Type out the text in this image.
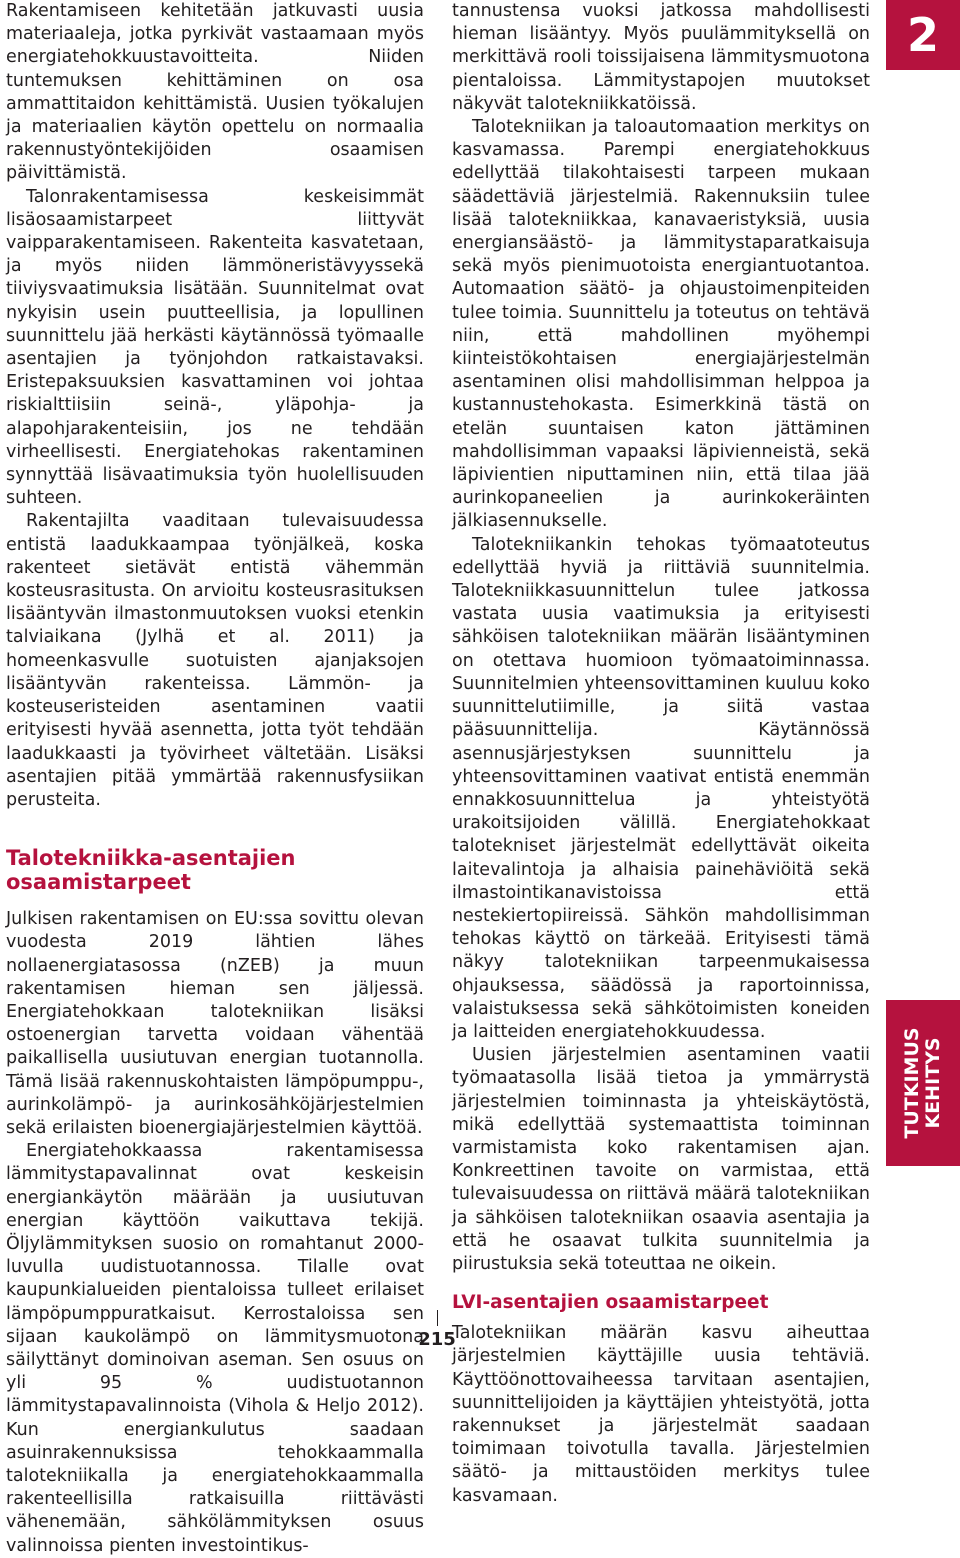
Rakentamiseen kehitetään jatkuvasti uusia materiaaleja, jotka pyrkivät vastaamaan myös energiatehokkuustavoitteita. Niiden tuntemuksen kehittäminen on osa ammattitaidon kehittämistä. Uusien työkalujen ja materiaalien käytön opettelu on normaalia rakennustyöntekijöiden osaamisen päivittämistä.

Talonrakentamisessa keskeisimmät lisäosaamistarpeet liittyvät vaipparakentamiseen. Rakenteita kasvatetaan, ja myös niiden lämmöneristävyyssekä tiiviysvaatimuksia lisätään. Suunnitelmat ovat nykyisin usein puutteellisia, ja lopullinen suunnittelu jää herkästi käytännössä työmaalle asentajien ja työnjohdon ratkaistavaksi. Eristepaksuuksien kasvattaminen voi johtaa riskialttiisiin seinä-, yläpohja- ja alapohjarakenteisiin, jos ne tehdään virheellisesti. Energiatehokas rakentaminen synnyttää lisävaatimuksia työn huolellisuuden suhteen.

Rakentajilta vaaditaan tulevaisuudessa entistä laadukkaampaa työnjälkeä, koska rakenteet sietävät entistä vähemmän kosteusrasitusta. On arvioitu kosteusrasituksen lisääntyvän ilmastonmuutoksen vuoksi etenkin talviaikana (Jylhä et al. 2011) ja homeenkasvulle suotuisten ajanjaksojen lisääntyvän rakenteissa. Lämmön- ja kosteuseristeiden asentaminen vaatii erityisesti hyvää asennetta, jotta työt tehdään laadukkaasti ja työvirheet vältetään. Lisäksi asentajien pitää ymmärtää rakennusfysiikan perusteita.

Talotekniikka-asentajien osaamistarpeet

Julkisen rakentamisen on EU:ssa sovittu olevan vuodesta 2019 lähtien lähes nollaenergiatasossa (nZEB) ja muun rakentamisen hieman sen jäljessä. Energiatehokkaan talotekniikan lisäksi ostoenergian tarvetta voidaan vähentää paikallisella uusiutuvan energian tuotannolla. Tämä lisää rakennuskohtaisten lämpöpumppu-, aurinkolämpö- ja aurinkosähköjärjestelmien sekä erilaisten bioenergiajärjestelmien käyttöä.

Energiatehokkaassa rakentamisessa lämmitystapavalinnat ovat keskeisin energiankäytön määrään ja uusiutuvan energian käyttöön vaikuttava tekijä. Öljylämmityksen suosio on romahtanut 2000-luvulla uudistuotannossa. Tilalle ovat kaupunkialueiden pientaloissa tulleet erilaiset lämpöpumppuratkaisut. Kerrostaloissa sen sijaan kaukolämpö on lämmitysmuotona säilyttänyt dominoivan aseman. Sen osuus on yli 95 % uudistuotannon lämmitystapavalinnoista (Vihola & Heljo 2012). Kun energiankulutus saadaan asuinrakennuksissa tehokkaammalla talotekniikalla ja energiatehokkaammalla rakenteellisilla ratkaisuilla riittävästi vähenemään, sähkölämmityksen osuus valinnoissa pienten investointikus-

tannustensa vuoksi jatkossa mahdollisesti hieman lisääntyy. Myös puulämmityksellä on merkittävä rooli toissijaisena lämmitysmuotona pientaloissa. Lämmitystapojen muutokset näkyvät talotekniikkatöissä.

Talotekniikan ja taloautomaation merkitys on kasvamassa. Parempi energiatehokkuus edellyttää tilakohtaisesti tarpeen mukaan säädettäviä järjestelmiä. Rakennuksiin tulee lisää talotekniikkaa, kanavaeristyksiä, uusia energiansäästö- ja lämmitystaparatkaisuja sekä myös pienimuotoista energiantuotantoa. Automaation säätö- ja ohjaustoimenpiteiden tulee toimia. Suunnittelu ja toteutus on tehtävä niin, että mahdollinen myöhempi kiinteistökohtaisen energiajärjestelmän asentaminen olisi mahdollisimman helppoa ja kustannustehokasta. Esimerkkinä tästä on etelän suuntaisen katon jättäminen mahdollisimman vapaaksi läpivienneistä, sekä läpivientien niputtaminen niin, että tilaa jää aurinkopaneelien ja aurinkokeräinten jälkiasennukselle.

Talotekniikankin tehokas työmaatoteutus edellyttää hyviä ja riittäviä suunnitelmia. Talotekniikkasuunnittelun tulee jatkossa vastata uusia vaatimuksia ja erityisesti sähköisen talotekniikan määrän lisääntyminen on otettava huomioon työmaatoiminnassa. Suunnitelmien yhteensovittaminen kuuluu koko suunnittelutiimille, ja siitä vastaa pääsuunnittelija. Käytännössä asennusjärjestyksen suunnittelu ja yhteensovittaminen vaativat entistä enemmän ennakkosuunnittelua ja yhteistyötä urakoitsijoiden välillä. Energiatehokkaat talotekniset järjestelmät edellyttävät oikeita laitevalintoja ja alhaisia painehäviöitä sekä ilmastointikanavistoissa että nestekiertopiireissä. Sähkön mahdollisimman tehokas käyttö on tärkeää. Erityisesti tämä näkyy talotekniikan tarpeenmukaisessa ohjauksessa, säädössä ja raportoinnissa, valaistuksessa sekä sähkötoimisten koneiden ja laitteiden energiatehokkuudessa.

Uusien järjestelmien asentaminen vaatii työmaatasolla lisää tietoa ja ymmärrystä järjestelmien toiminnasta ja yhteiskäytöstä, mikä edellyttää systemaattista toiminnan varmistamista koko rakentamisen ajan. Konkreettinen tavoite on varmistaa, että tulevaisuudessa on riittävä määrä talotekniikan ja sähköisen talotekniikan osaavia asentajia ja että he osaavat tulkita suunnitelmia ja piirustuksia sekä toteuttaa ne oikein.

LVI-asentajien osaamistarpeet

Talotekniikan määrän kasvu aiheuttaa järjestelmien käyttäjille uusia tehtäviä. Käyttöönottovaiheessa tarvitaan asentajien, suunnittelijoiden ja käyttäjien yhteistyötä, jotta rakennukset ja järjestelmät saadaan toimimaan toivotulla tavalla. Järjestelmien säätö- ja mittaustöiden merkitys tulee kasvamaan.

2
TUTKIMUS KEHITYS
215
